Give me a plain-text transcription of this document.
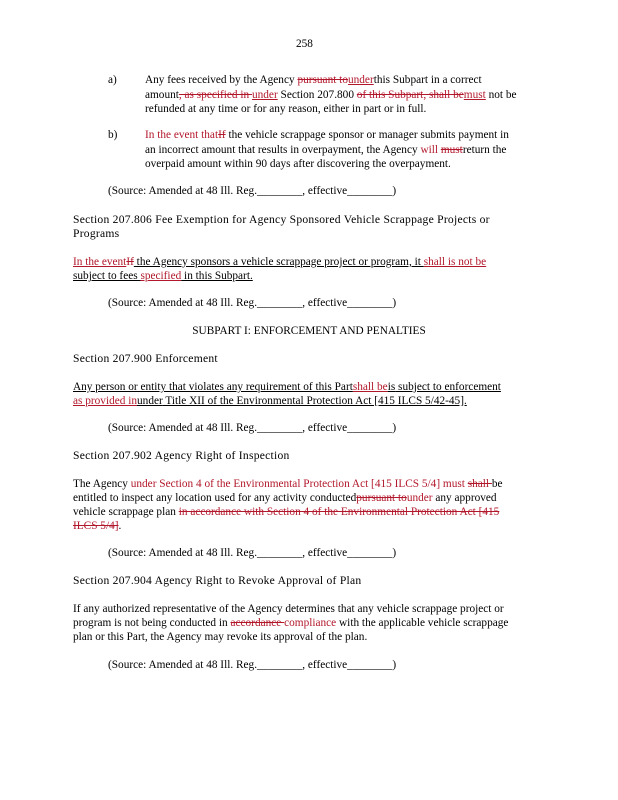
258

a) Any fees received by the Agency pursuant tounderthis Subpart in a correct

amount, as specified in under Section 207.800 of this Subpart, shall bemust not be

refunded at any time or for any reason, either in part or in full.

b) In the event thatIf the vehicle scrappage sponsor or manager submits payment in

an incorrect amount that results in overpayment, the Agency will mustreturn the

overpaid amount within 90 days after discovering the overpayment.

(Source: Amended at 48 Ill. Reg.________, effective________)

Section 207.806 Fee Exemption for Agency Sponsored Vehicle Scrappage Projects or

Programs

In the eventIf the Agency sponsors a vehicle scrappage project or program, it shall is not be

subject to fees specified in this Subpart.

(Source: Amended at 48 Ill. Reg.________, effective________)

SUBPART I: ENFORCEMENT AND PENALTIES

Section 207.900 Enforcement

Any person or entity that violates any requirement of this Partshall beis subject to enforcement

as provided inunder Title XII of the Environmental Protection Act [415 ILCS 5/42-45].

(Source: Amended at 48 Ill. Reg.________, effective________)

Section 207.902 Agency Right of Inspection

The Agency under Section 4 of the Environmental Protection Act [415 ILCS 5/4] must shall be

entitled to inspect any location used for any activity conductedpursuant tounder any approved

vehicle scrappage plan in accordance with Section 4 of the Environmental Protection Act [415

ILCS 5/4].

(Source: Amended at 48 Ill. Reg.________, effective________)

Section 207.904 Agency Right to Revoke Approval of Plan

If any authorized representative of the Agency determines that any vehicle scrappage project or

program is not being conducted in accordance compliance with the applicable vehicle scrappage

plan or this Part, the Agency may revoke its approval of the plan.

(Source: Amended at 48 Ill. Reg.________, effective________)
